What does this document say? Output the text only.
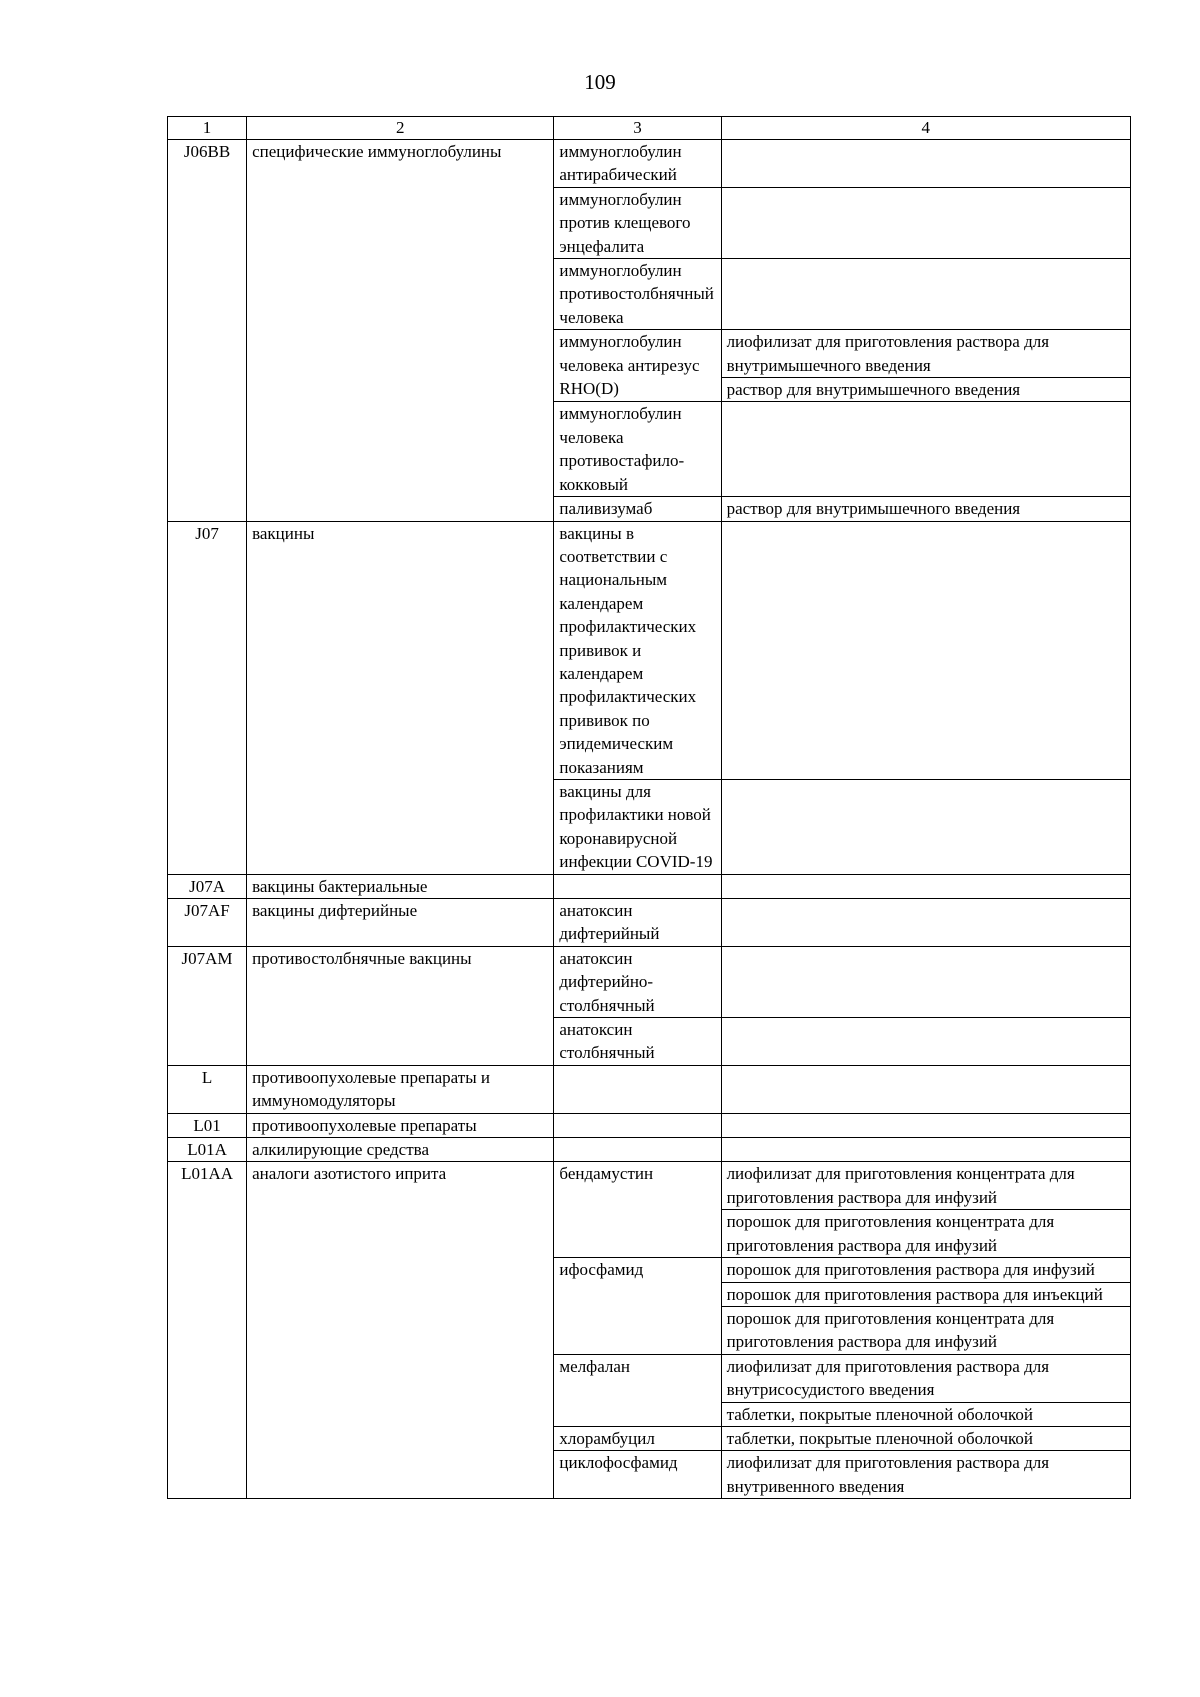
109
1	2	3	4
J06BB	специфические иммуноглобулины	иммуноглобулин антирабический	
		иммуноглобулин против клещевого энцефалита	
		иммуноглобулин противостолбнячный человека	
		иммуноглобулин человека антирезус RHO(D)	лиофилизат для приготовления раствора для внутримышечного введения
			раствор для внутримышечного введения
		иммуноглобулин человека противостафило-кокковый	
		паливизумаб	раствор для внутримышечного введения
J07	вакцины	вакцины в соответствии с национальным календарем профилактических прививок и календарем профилактических прививок по эпидемическим показаниям	
		вакцины для профилактики новой коронавирусной инфекции COVID-19	
J07A	вакцины бактериальные		
J07AF	вакцины дифтерийные	анатоксин дифтерийный	
J07AM	противостолбнячные вакцины	анатоксин дифтерийно-столбнячный	
		анатоксин столбнячный	
L	противоопухолевые препараты и иммуномодуляторы		
L01	противоопухолевые препараты		
L01A	алкилирующие средства		
L01AA	аналоги азотистого иприта	бендамустин	лиофилизат для приготовления концентрата для приготовления раствора для инфузий
			порошок для приготовления концентрата для приготовления раствора для инфузий
		ифосфамид	порошок для приготовления раствора для инфузий
			порошок для приготовления раствора для инъекций
			порошок для приготовления концентрата для приготовления раствора для инфузий
		мелфалан	лиофилизат для приготовления раствора для внутрисосудистого введения
			таблетки, покрытые пленочной оболочкой
		хлорамбуцил	таблетки, покрытые пленочной оболочкой
		циклофосфамид	лиофилизат для приготовления раствора для внутривенного введения
